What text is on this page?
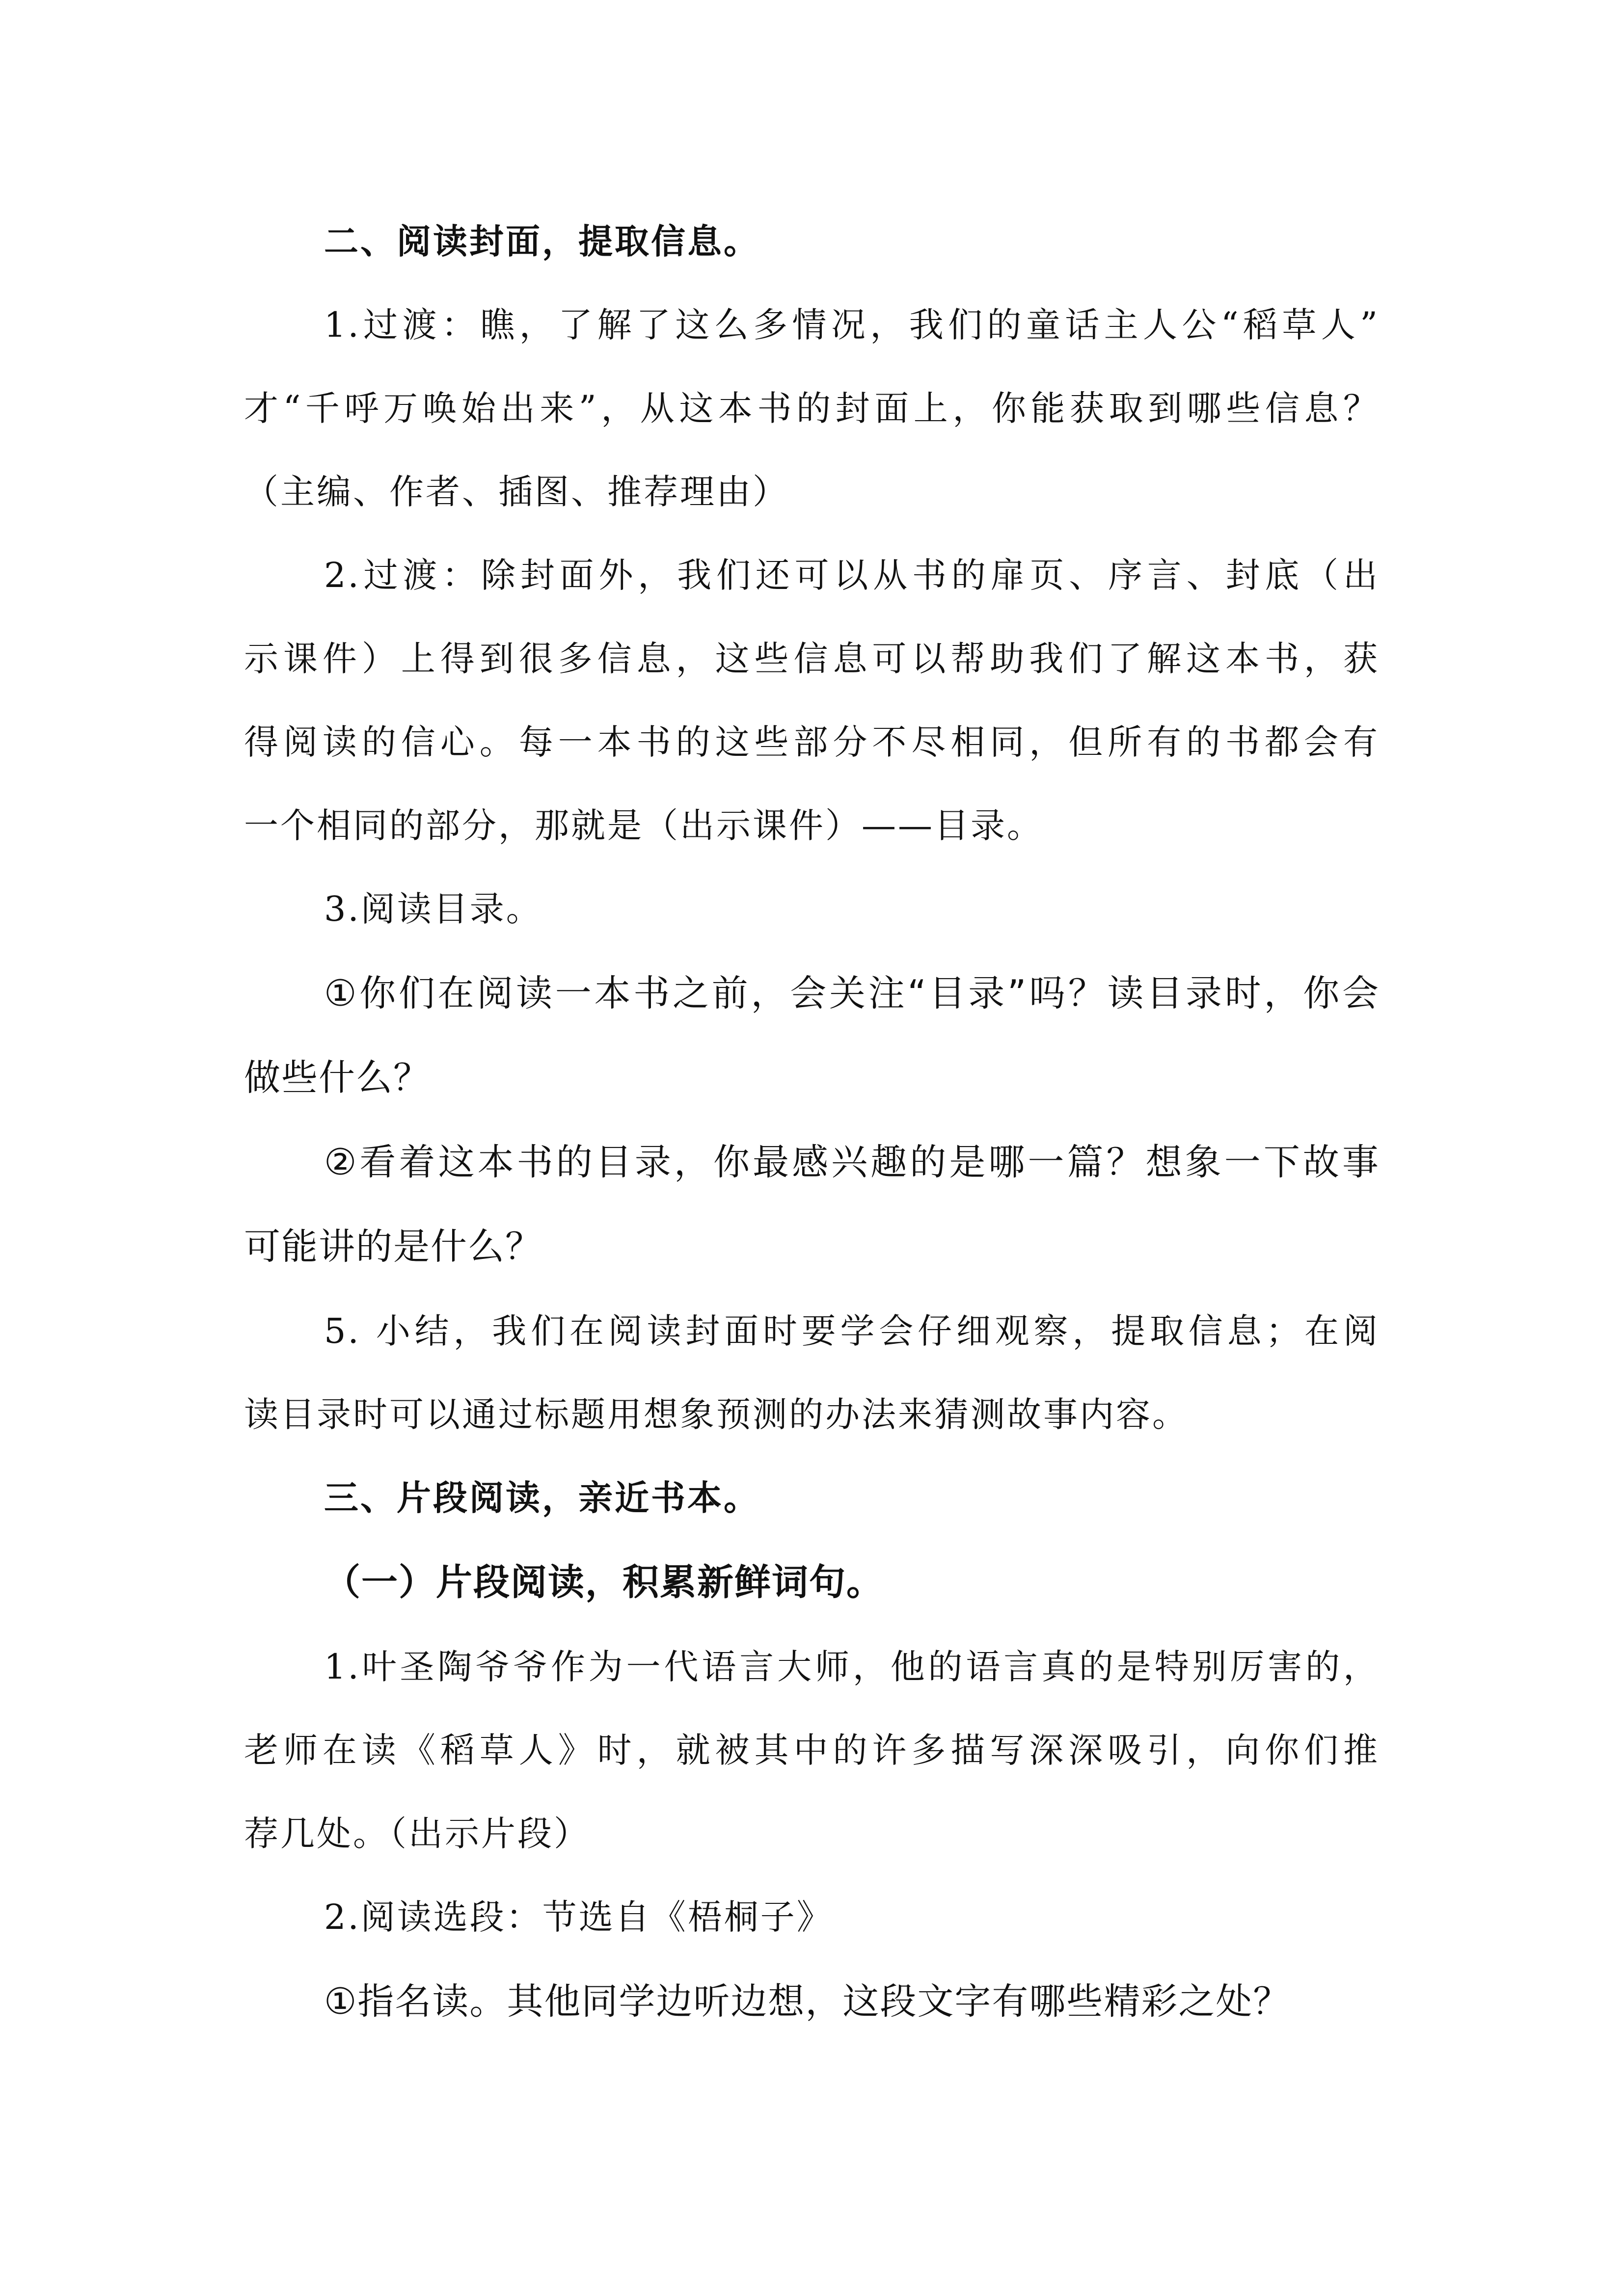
二、阅读封面，提取信息。
1.过渡：瞧，了解了这么多情况，我们的童话主人公“稻草人”
才“千呼万唤始出来”，从这本书的封面上，你能获取到哪些信息？
（主编、作者、插图、推荐理由）
2.过渡：除封面外，我们还可以从书的扉页、序言、封底（出
示课件）上得到很多信息，这些信息可以帮助我们了解这本书，获
得阅读的信心。每一本书的这些部分不尽相同，但所有的书都会有
一个相同的部分，那就是（出示课件）——目录。
3.阅读目录。
①你们在阅读一本书之前，会关注“目录”吗？读目录时，你会
做些什么？
②看着这本书的目录，你最感兴趣的是哪一篇？想象一下故事
可能讲的是什么？
5. 小结，我们在阅读封面时要学会仔细观察，提取信息；在阅
读目录时可以通过标题用想象预测的办法来猜测故事内容。
三、片段阅读，亲近书本。
（一）片段阅读，积累新鲜词句。
1.叶圣陶爷爷作为一代语言大师，他的语言真的是特别厉害的，
老师在读《稻草人》时，就被其中的许多描写深深吸引，向你们推
荐几处。（出示片段）
2.阅读选段：节选自《梧桐子》
①指名读。其他同学边听边想，这段文字有哪些精彩之处？
